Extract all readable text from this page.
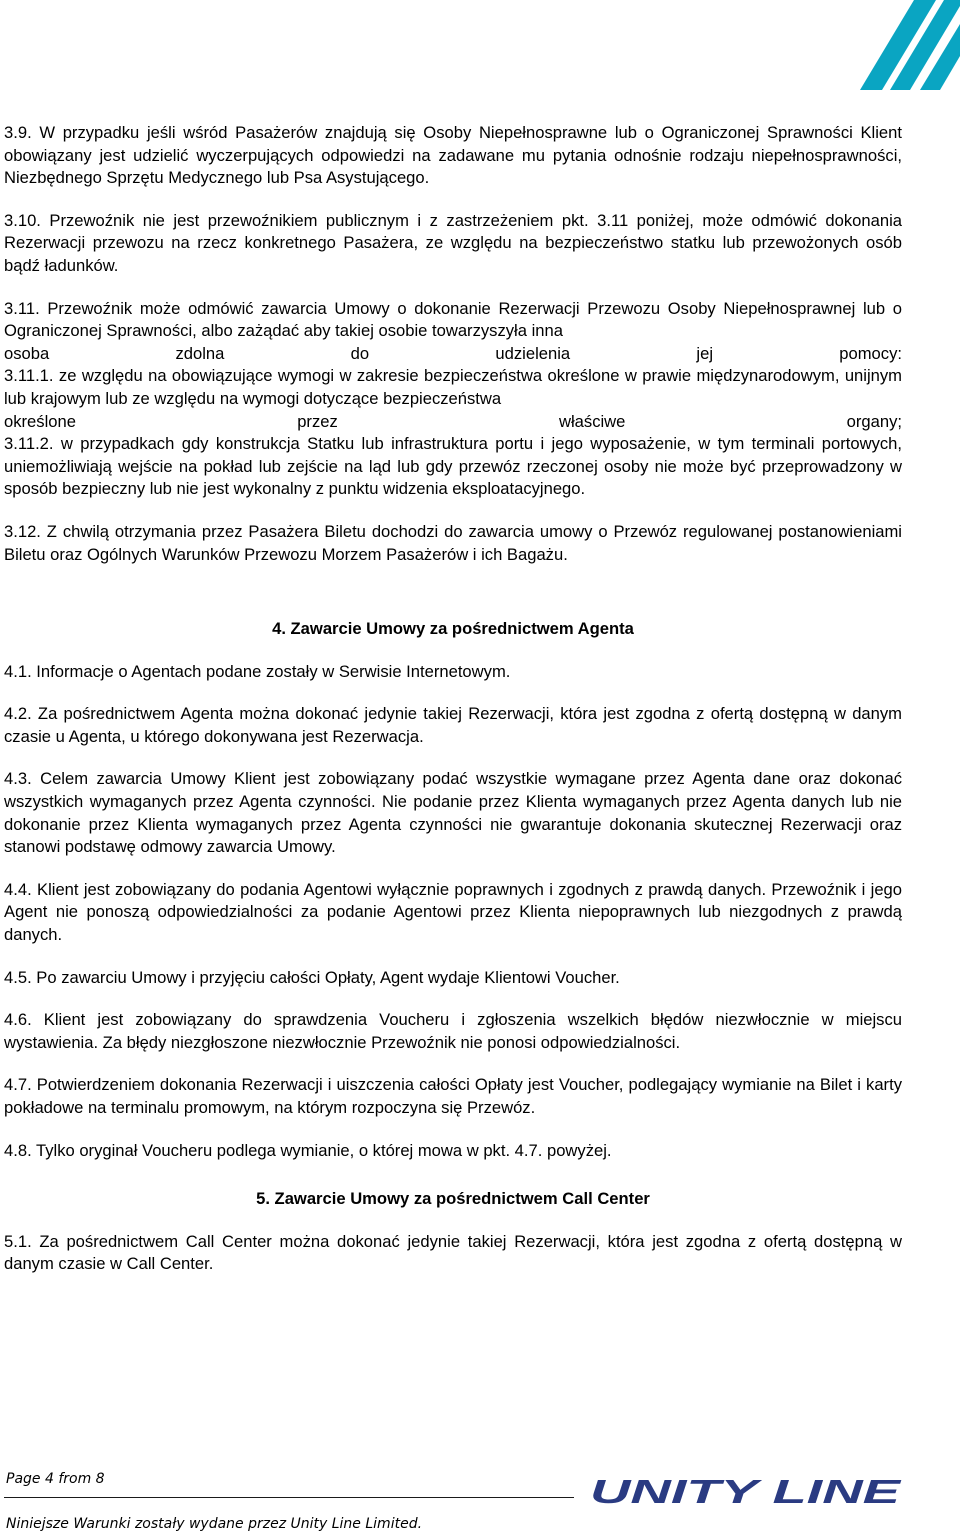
3.9. W przypadku jeśli wśród Pasażerów znajdują się Osoby Niepełnosprawne lub o Ograniczonej Sprawności Klient obowiązany jest udzielić wyczerpujących odpowiedzi na zadawane mu pytania odnośnie rodzaju niepełnosprawności, Niezbędnego Sprzętu Medycznego lub Psa Asystującego.

3.10. Przewoźnik nie jest przewoźnikiem publicznym i z zastrzeżeniem pkt. 3.11 poniżej, może odmówić dokonania Rezerwacji przewozu na rzecz konkretnego Pasażera, ze względu na bezpieczeństwo statku lub przewożonych osób bądź ładunków.

3.11. Przewoźnik może odmówić zawarcia Umowy o dokonanie Rezerwacji Przewozu Osoby Niepełnosprawnej lub o Ograniczonej Sprawności, albo zażądać aby takiej osobie towarzyszyła inna

osoba zdolna do udzielenia jej pomocy:

3.11.1. ze względu na obowiązujące wymogi w zakresie bezpieczeństwa określone w prawie międzynarodowym, unijnym lub krajowym lub ze względu na wymogi dotyczące bezpieczeństwa

określone przez właściwe organy;

3.11.2. w przypadkach gdy konstrukcja Statku lub infrastruktura portu i jego wyposażenie, w tym terminali portowych, uniemożliwiają wejście na pokład lub zejście na ląd lub gdy przewóz rzeczonej osoby nie może być przeprowadzony w sposób bezpieczny lub nie jest wykonalny z punktu widzenia eksploatacyjnego.

3.12. Z chwilą otrzymania przez Pasażera Biletu dochodzi do zawarcia umowy o Przewóz regulowanej postanowieniami Biletu oraz Ogólnych Warunków Przewozu Morzem Pasażerów i ich Bagażu.

4. Zawarcie Umowy za pośrednictwem Agenta

4.1. Informacje o Agentach podane zostały w Serwisie Internetowym.

4.2. Za pośrednictwem Agenta można dokonać jedynie takiej Rezerwacji, która jest zgodna z ofertą dostępną w danym czasie u Agenta, u którego dokonywana jest Rezerwacja.

4.3. Celem zawarcia Umowy Klient jest zobowiązany podać wszystkie wymagane przez Agenta dane oraz dokonać wszystkich wymaganych przez Agenta czynności. Nie podanie przez Klienta wymaganych przez Agenta danych lub nie dokonanie przez Klienta wymaganych przez Agenta czynności nie gwarantuje dokonania skutecznej Rezerwacji oraz stanowi podstawę odmowy zawarcia Umowy.

4.4. Klient jest zobowiązany do podania Agentowi wyłącznie poprawnych i zgodnych z prawdą danych. Przewoźnik i jego Agent nie ponoszą odpowiedzialności za podanie Agentowi przez Klienta niepoprawnych lub niezgodnych z prawdą danych.

4.5. Po zawarciu Umowy i przyjęciu całości Opłaty, Agent wydaje Klientowi Voucher.

4.6. Klient jest zobowiązany do sprawdzenia Voucheru i zgłoszenia wszelkich błędów niezwłocznie w miejscu wystawienia. Za błędy niezgłoszone niezwłocznie Przewoźnik nie ponosi odpowiedzialności.

4.7. Potwierdzeniem dokonania Rezerwacji i uiszczenia całości Opłaty jest Voucher, podlegający wymianie na Bilet i karty pokładowe na terminalu promowym, na którym rozpoczyna się Przewóz.

4.8. Tylko oryginał Voucheru podlega wymianie, o której mowa w pkt. 4.7. powyżej.

5. Zawarcie Umowy za pośrednictwem Call Center

5.1. Za pośrednictwem Call Center można dokonać jedynie takiej Rezerwacji, która jest zgodna z ofertą dostępną w danym czasie w Call Center.

Page 4 from 8	UNITY LINE
Niniejsze Warunki zostały wydane przez Unity Line Limited.
